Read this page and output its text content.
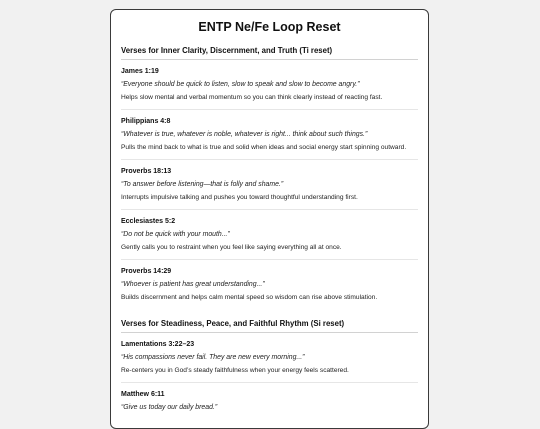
ENTP Ne/Fe Loop Reset
Verses for Inner Clarity, Discernment, and Truth (Ti reset)
James 1:19
“Everyone should be quick to listen, slow to speak and slow to become angry.”
Helps slow mental and verbal momentum so you can think clearly instead of reacting fast.
Philippians 4:8
“Whatever is true, whatever is noble, whatever is right... think about such things.”
Pulls the mind back to what is true and solid when ideas and social energy start spinning outward.
Proverbs 18:13
“To answer before listening—that is folly and shame.”
Interrupts impulsive talking and pushes you toward thoughtful understanding first.
Ecclesiastes 5:2
“Do not be quick with your mouth...”
Gently calls you to restraint when you feel like saying everything all at once.
Proverbs 14:29
“Whoever is patient has great understanding...”
Builds discernment and helps calm mental speed so wisdom can rise above stimulation.
Verses for Steadiness, Peace, and Faithful Rhythm (Si reset)
Lamentations 3:22–23
“His compassions never fail. They are new every morning...”
Re-centers you in God’s steady faithfulness when your energy feels scattered.
Matthew 6:11
“Give us today our daily bread.”
